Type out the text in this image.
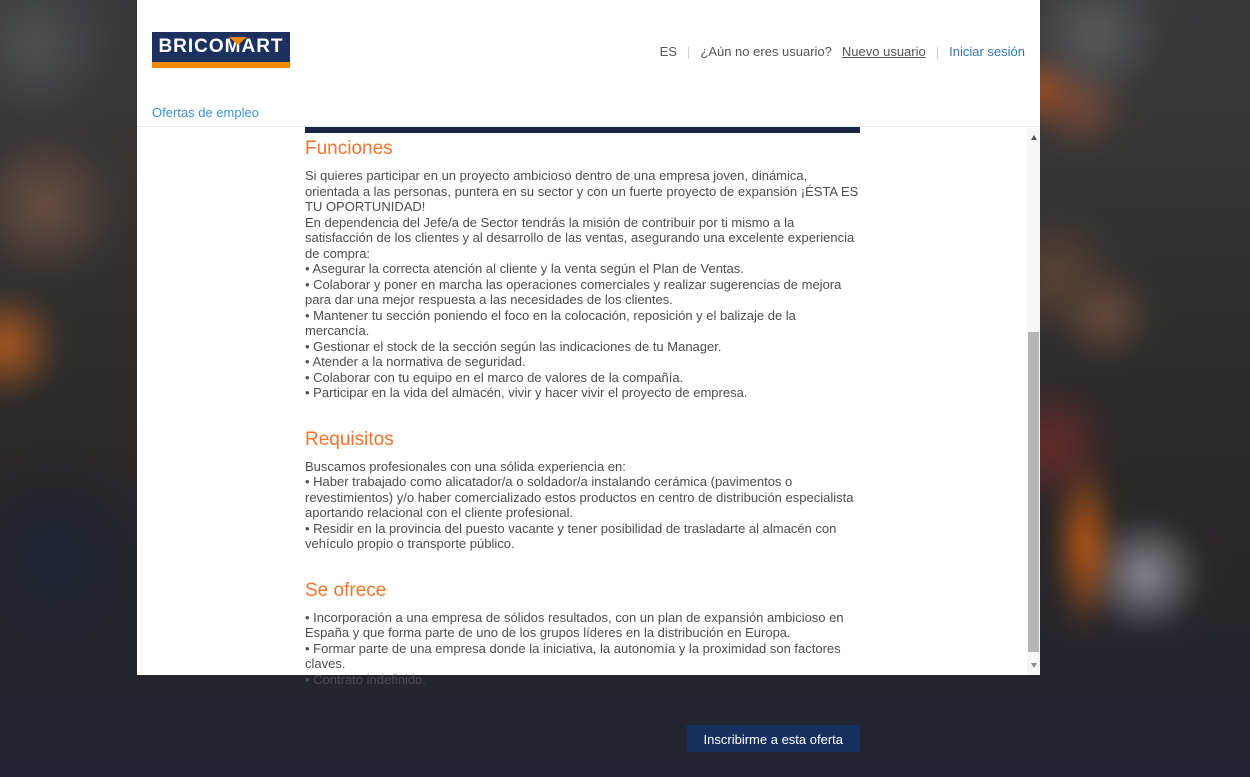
BRICOMART	ES | ¿Aún no eres usuario? Nuevo usuario | Iniciar sesión
Ofertas de empleo
Funciones

Si quieres participar en un proyecto ambicioso dentro de una empresa joven, dinámica, orientada a las personas, puntera en su sector y con un fuerte proyecto de expansión ¡ÉSTA ES TU OPORTUNIDAD!

En dependencia del Jefe/a de Sector tendrás la misión de contribuir por ti mismo a la satisfacción de los clientes y al desarrollo de las ventas, asegurando una excelente experiencia de compra:

• Asegurar la correcta atención al cliente y la venta según el Plan de Ventas.

• Colaborar y poner en marcha las operaciones comerciales y realizar sugerencias de mejora para dar una mejor respuesta a las necesidades de los clientes.

• Mantener tu sección poniendo el foco en la colocación, reposición y el balizaje de la mercancía.

• Gestionar el stock de la sección según las indicaciones de tu Manager.

• Atender a la normativa de seguridad.

• Colaborar con tu equipo en el marco de valores de la compañía.

• Participar en la vida del almacén, vivir y hacer vivir el proyecto de empresa.

Requisitos

Buscamos profesionales con una sólida experiencia en:

• Haber trabajado como alicatador/a o soldador/a instalando cerámica (pavimentos o revestimientos) y/o haber comercializado estos productos en centro de distribución especialista aportando relacional con el cliente profesional.

• Residir en la provincia del puesto vacante y tener posibilidad de trasladarte al almacén con vehículo propio o transporte público.

Se ofrece

• Incorporación a una empresa de sólidos resultados, con un plan de expansión ambicioso en España y que forma parte de uno de los grupos líderes en la distribución en Europa.

• Formar parte de una empresa donde la iniciativa, la autonomía y la proximidad son factores claves.

• Contrato indefinido.

Inscribirme a esta oferta
